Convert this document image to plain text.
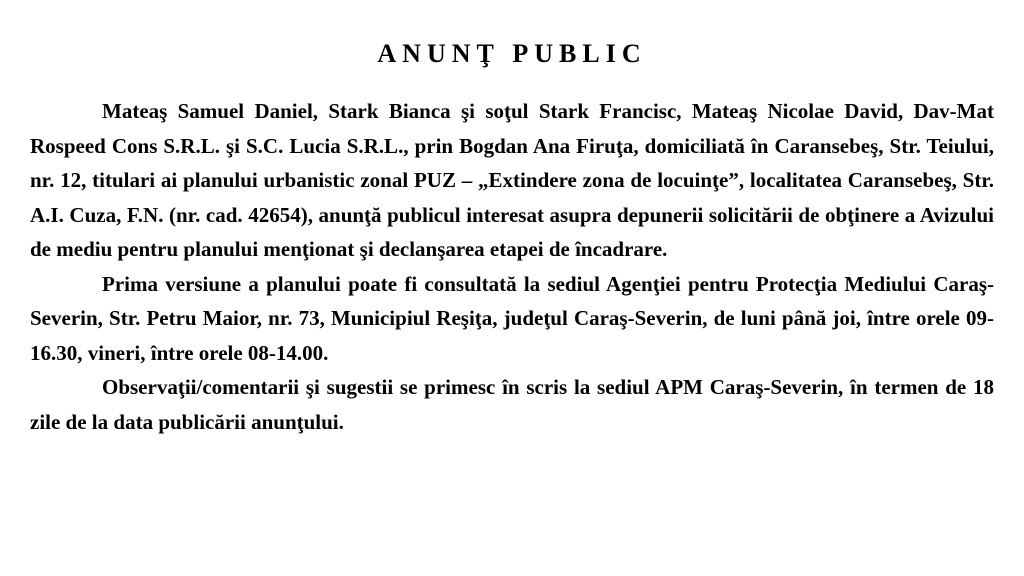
ANUNŢ PUBLIC

Mateaş Samuel Daniel, Stark Bianca şi soţul Stark Francisc, Mateaş Nicolae David, Dav-Mat Rospeed Cons S.R.L. şi S.C. Lucia S.R.L., prin Bogdan Ana Firuţa, domiciliată în Caransebeş, Str. Teiului, nr. 12, titulari ai planului urbanistic zonal PUZ – „Extindere zona de locuinţe”, localitatea Caransebeş, Str. A.I. Cuza, F.N. (nr. cad. 42654), anunţă publicul interesat asupra depunerii solicitării de obţinere a Avizului de mediu pentru planului menţionat şi declanşarea etapei de încadrare.

Prima versiune a planului poate fi consultată la sediul Agenţiei pentru Protecţia Mediului Caraş-Severin, Str. Petru Maior, nr. 73, Municipiul Reşiţa, judeţul Caraş-Severin, de luni până joi, între orele 09-16.30, vineri, între orele 08-14.00.

Observaţii/comentarii şi sugestii se primesc în scris la sediul APM Caraş-Severin, în termen de 18 zile de la data publicării anunţului.
